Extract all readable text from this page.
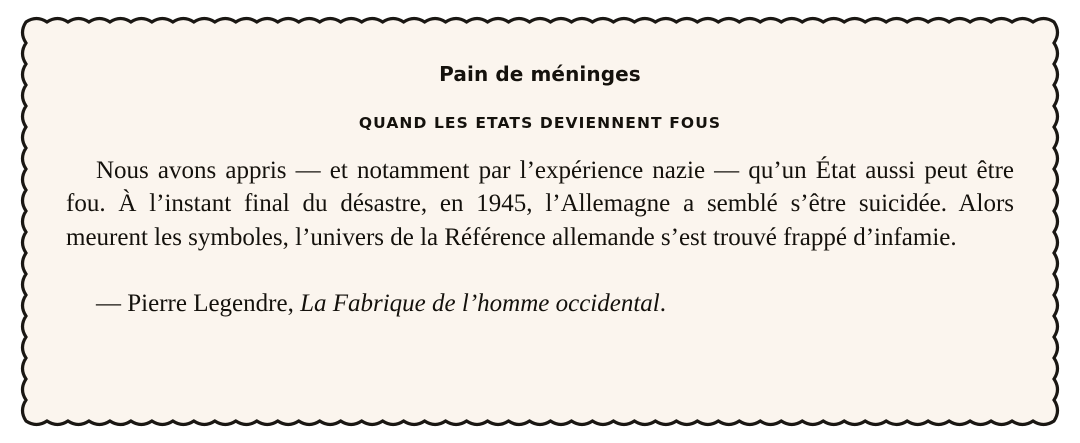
Pain de méninges
QUAND LES ETATS DEVIENNENT FOUS

Nous avons appris — et notamment par l’expérience nazie — qu’un État aussi peut être fou. À l’instant final du désastre, en 1945, l’Allemagne a semblé s’être suicidée. Alors meurent les symboles, l’univers de la Référence allemande s’est trouvé frappé d’infamie.

— Pierre Legendre, La Fabrique de l’homme occidental.
